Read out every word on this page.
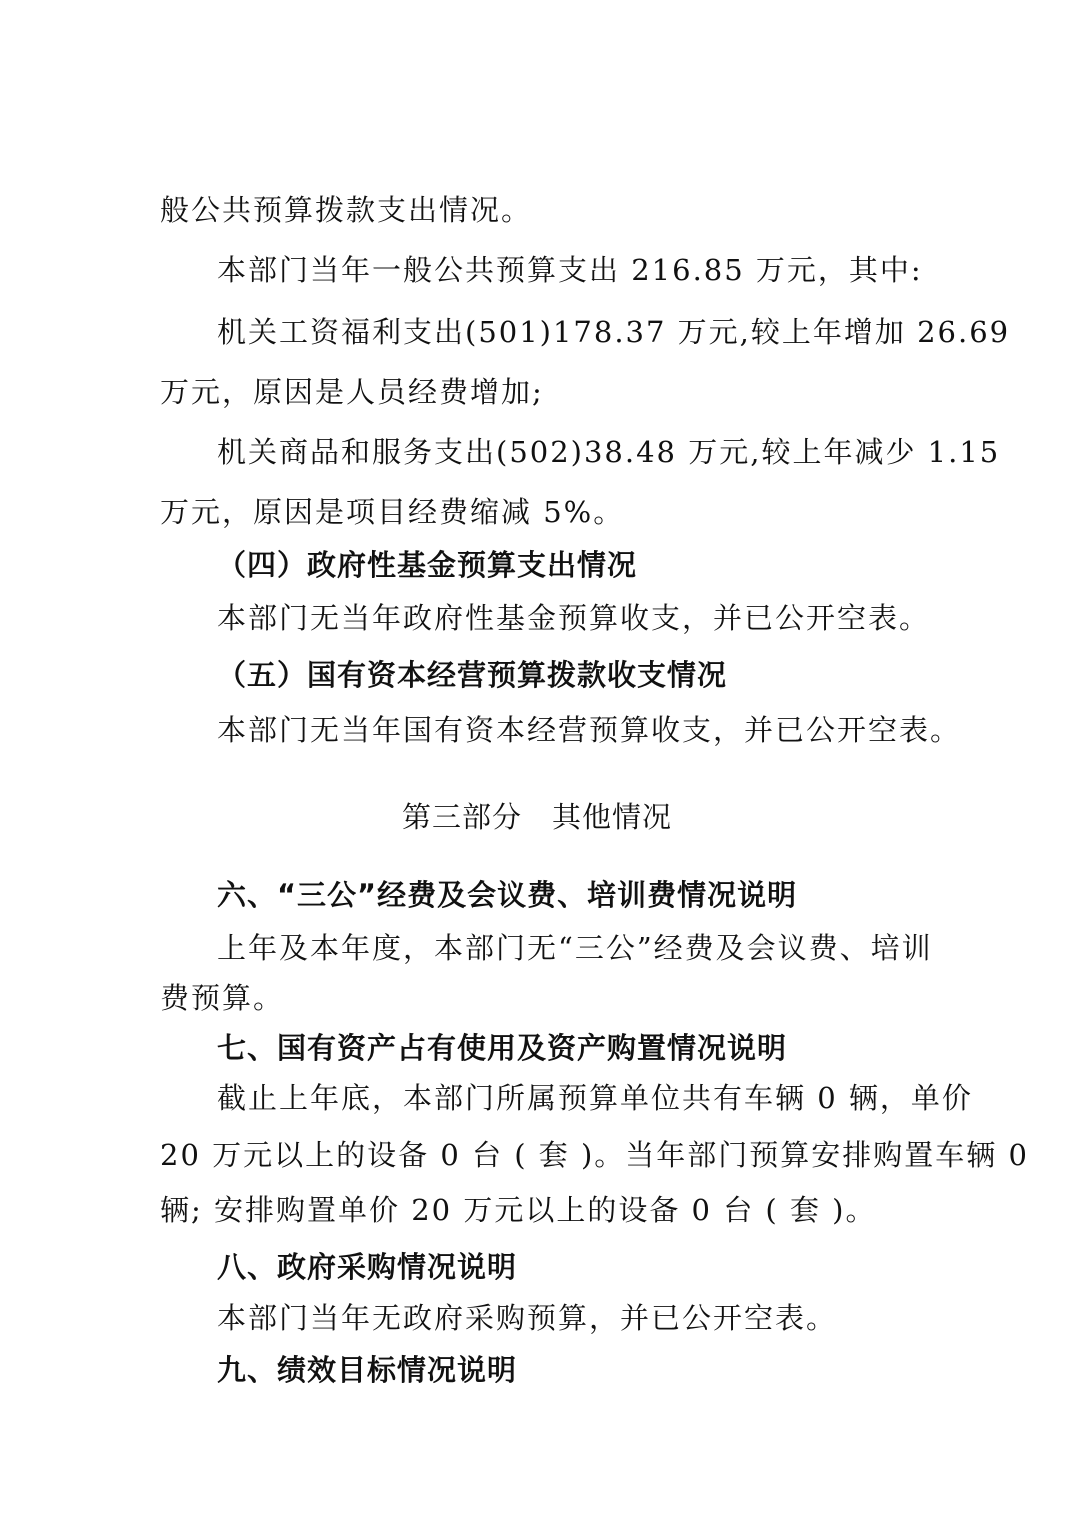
般公共预算拨款支出情况。
本部门当年一般公共预算支出 216.85 万元，其中:
机关工资福利支出(501)178.37 万元,较上年增加 26.69
万元，原因是人员经费增加;
机关商品和服务支出(502)38.48 万元,较上年减少 1.15
万元，原因是项目经费缩减 5%。
（四）政府性基金预算支出情况
本部门无当年政府性基金预算收支，并已公开空表。
（五）国有资本经营预算拨款收支情况
本部门无当年国有资本经营预算收支，并已公开空表。
第三部分　其他情况
六、“三公”经费及会议费、培训费情况说明
上年及本年度，本部门无“三公”经费及会议费、培训
费预算。
七、国有资产占有使用及资产购置情况说明
截止上年底，本部门所属预算单位共有车辆 0 辆，单价
20 万元以上的设备 0 台 ( 套 )。当年部门预算安排购置车辆 0
辆; 安排购置单价 20 万元以上的设备 0 台 ( 套 )。
八、政府采购情况说明
本部门当年无政府采购预算，并已公开空表。
九、绩效目标情况说明
